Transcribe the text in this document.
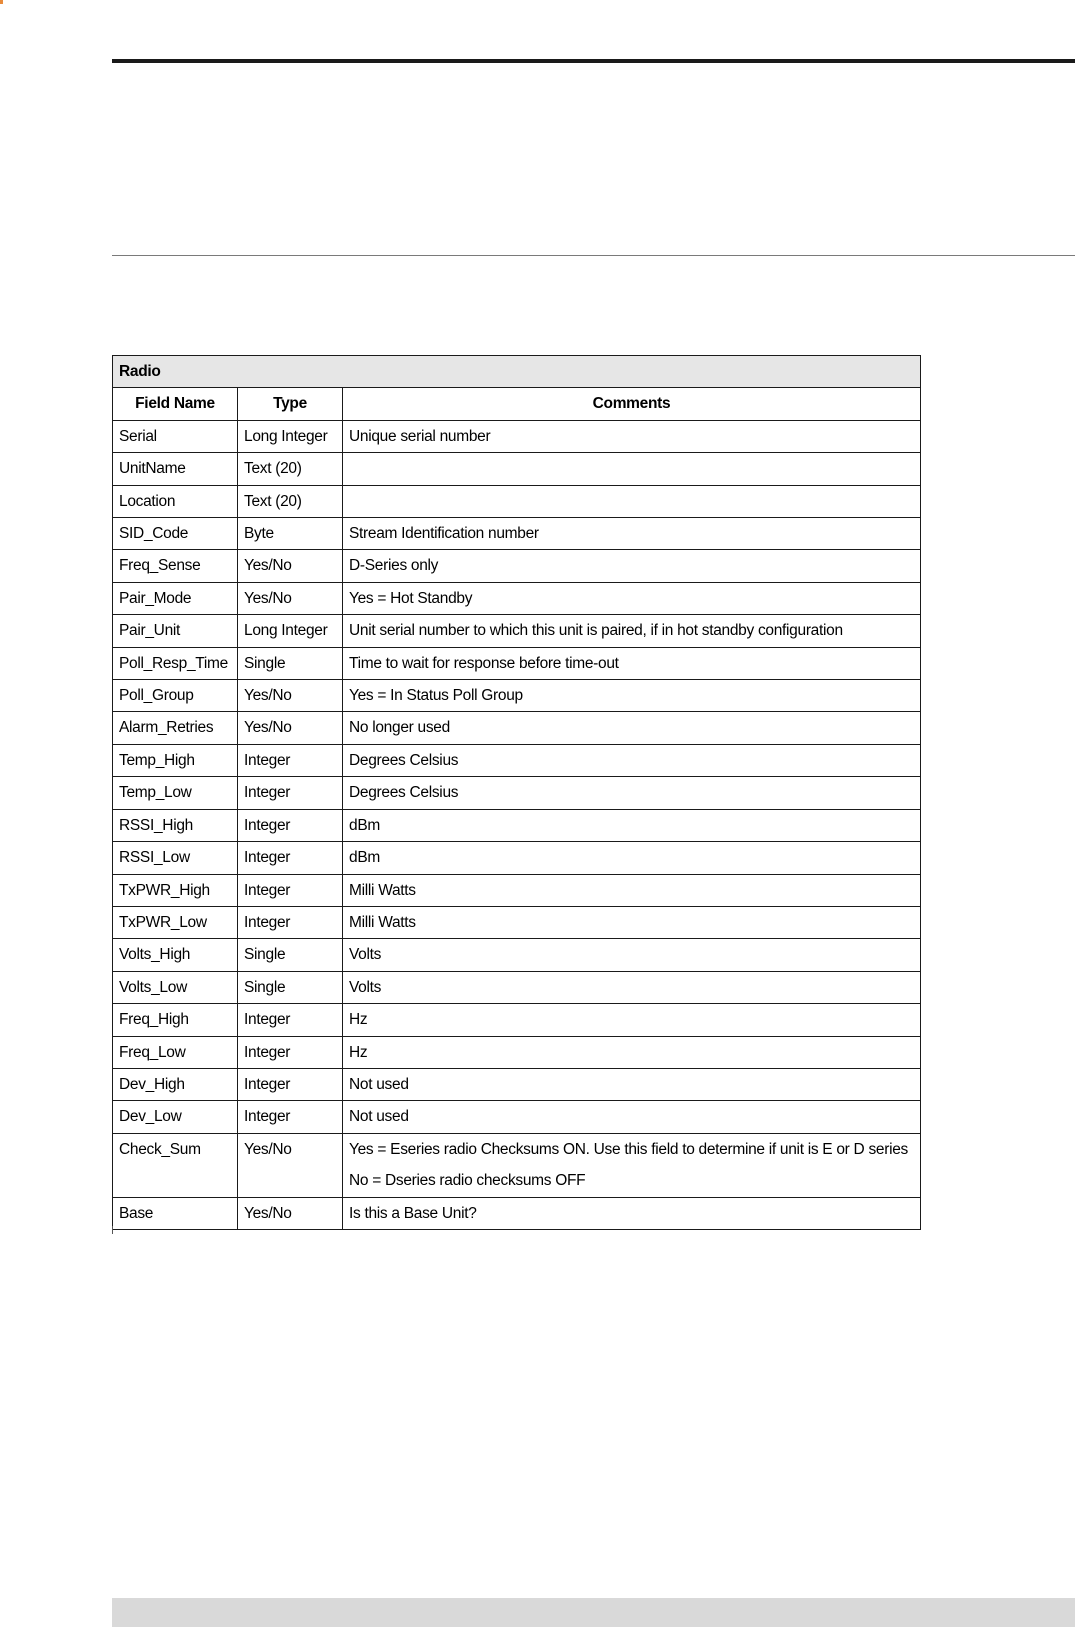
Radio		
Field Name	Type	Comments
Serial	Long Integer	Unique serial number

UnitName	Text (20)	

Location	Text (20)	

SID_Code	Byte	Stream Identification number

Freq_Sense	Yes/No	D-Series only

Pair_Mode	Yes/No	Yes = Hot Standby

Pair_Unit	Long Integer	Unit serial number to which this unit is paired, if in hot standby configuration

Poll_Resp_Time	Single	Time to wait for response before time-out

Poll_Group	Yes/No	Yes = In Status Poll Group

Alarm_Retries	Yes/No	No longer used

Temp_High	Integer	Degrees Celsius

Temp_Low	Integer	Degrees Celsius

RSSI_High	Integer	dBm

RSSI_Low	Integer	dBm

TxPWR_High	Integer	Milli Watts

TxPWR_Low	Integer	Milli Watts

Volts_High	Single	Volts

Volts_Low	Single	Volts

Freq_High	Integer	Hz

Freq_Low	Integer	Hz

Dev_High	Integer	Not used

Dev_Low	Integer	Not used

Check_Sum	Yes/No	Yes = Eseries radio Checksums ON. Use this field to determine if unit is E or D series
No = Dseries radio checksums OFF

Base	Yes/No	Is this a Base Unit?
